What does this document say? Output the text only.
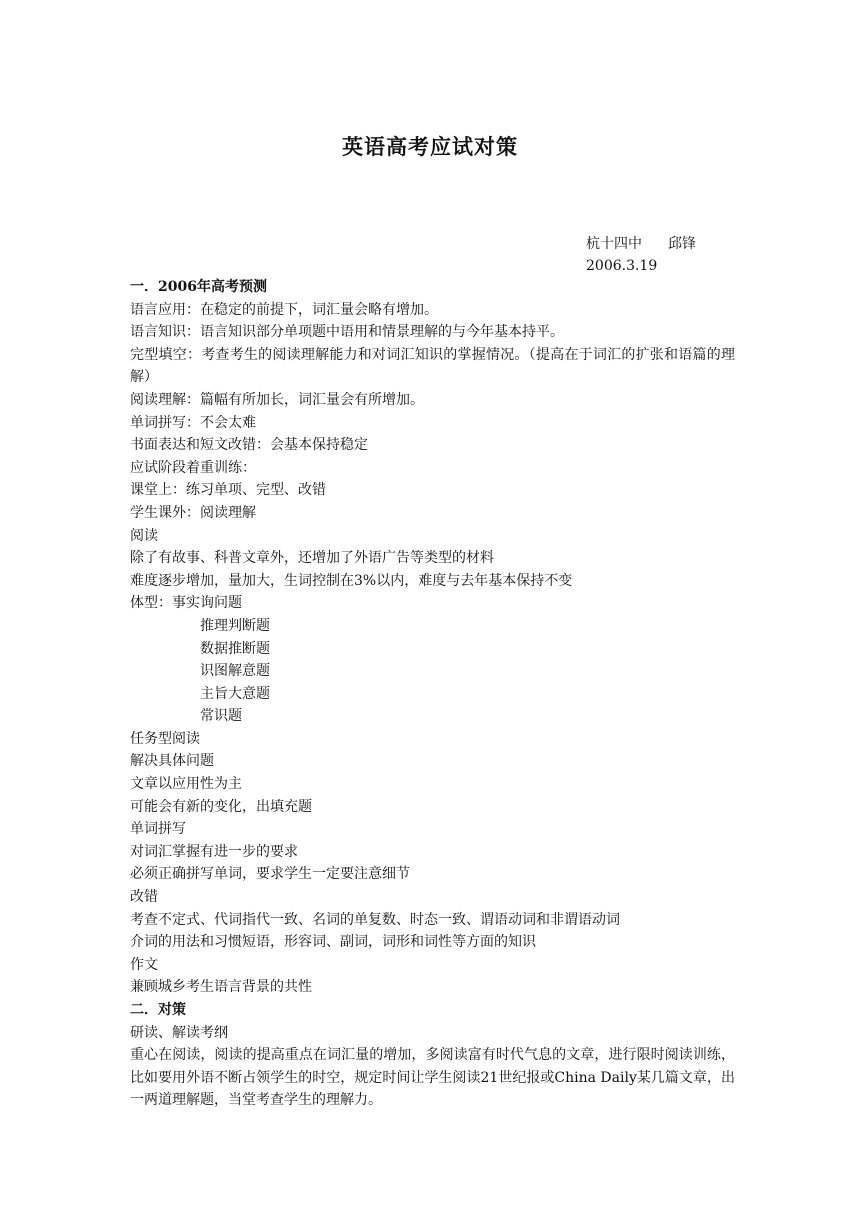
英语高考应试对策
杭十四中 邱锋
2006.3.19
一．2006年高考预测
语言应用：在稳定的前提下，词汇量会略有增加。
语言知识：语言知识部分单项题中语用和情景理解的与今年基本持平。
完型填空：考查考生的阅读理解能力和对词汇知识的掌握情况。（提高在于词汇的扩张和语篇的理解）
阅读理解：篇幅有所加长，词汇量会有所增加。
单词拼写：不会太难
书面表达和短文改错：会基本保持稳定
应试阶段着重训练：
课堂上：练习单项、完型、改错
学生课外：阅读理解
阅读
除了有故事、科普文章外，还增加了外语广告等类型的材料
难度逐步增加，量加大，生词控制在3%以内，难度与去年基本保持不变
体型：事实询问题
推理判断题
数据推断题
识图解意题
主旨大意题
常识题
任务型阅读
解决具体问题
文章以应用性为主
可能会有新的变化，出填充题
单词拼写
对词汇掌握有进一步的要求
必须正确拼写单词，要求学生一定要注意细节
改错
考查不定式、代词指代一致、名词的单复数、时态一致、谓语动词和非谓语动词
介词的用法和习惯短语，形容词、副词，词形和词性等方面的知识
作文
兼顾城乡考生语言背景的共性
二．对策
研读、解读考纲
重心在阅读，阅读的提高重点在词汇量的增加，多阅读富有时代气息的文章，进行限时阅读训练，比如要用外语不断占领学生的时空，规定时间让学生阅读21世纪报或China Daily某几篇文章，出一两道理解题，当堂考查学生的理解力。
